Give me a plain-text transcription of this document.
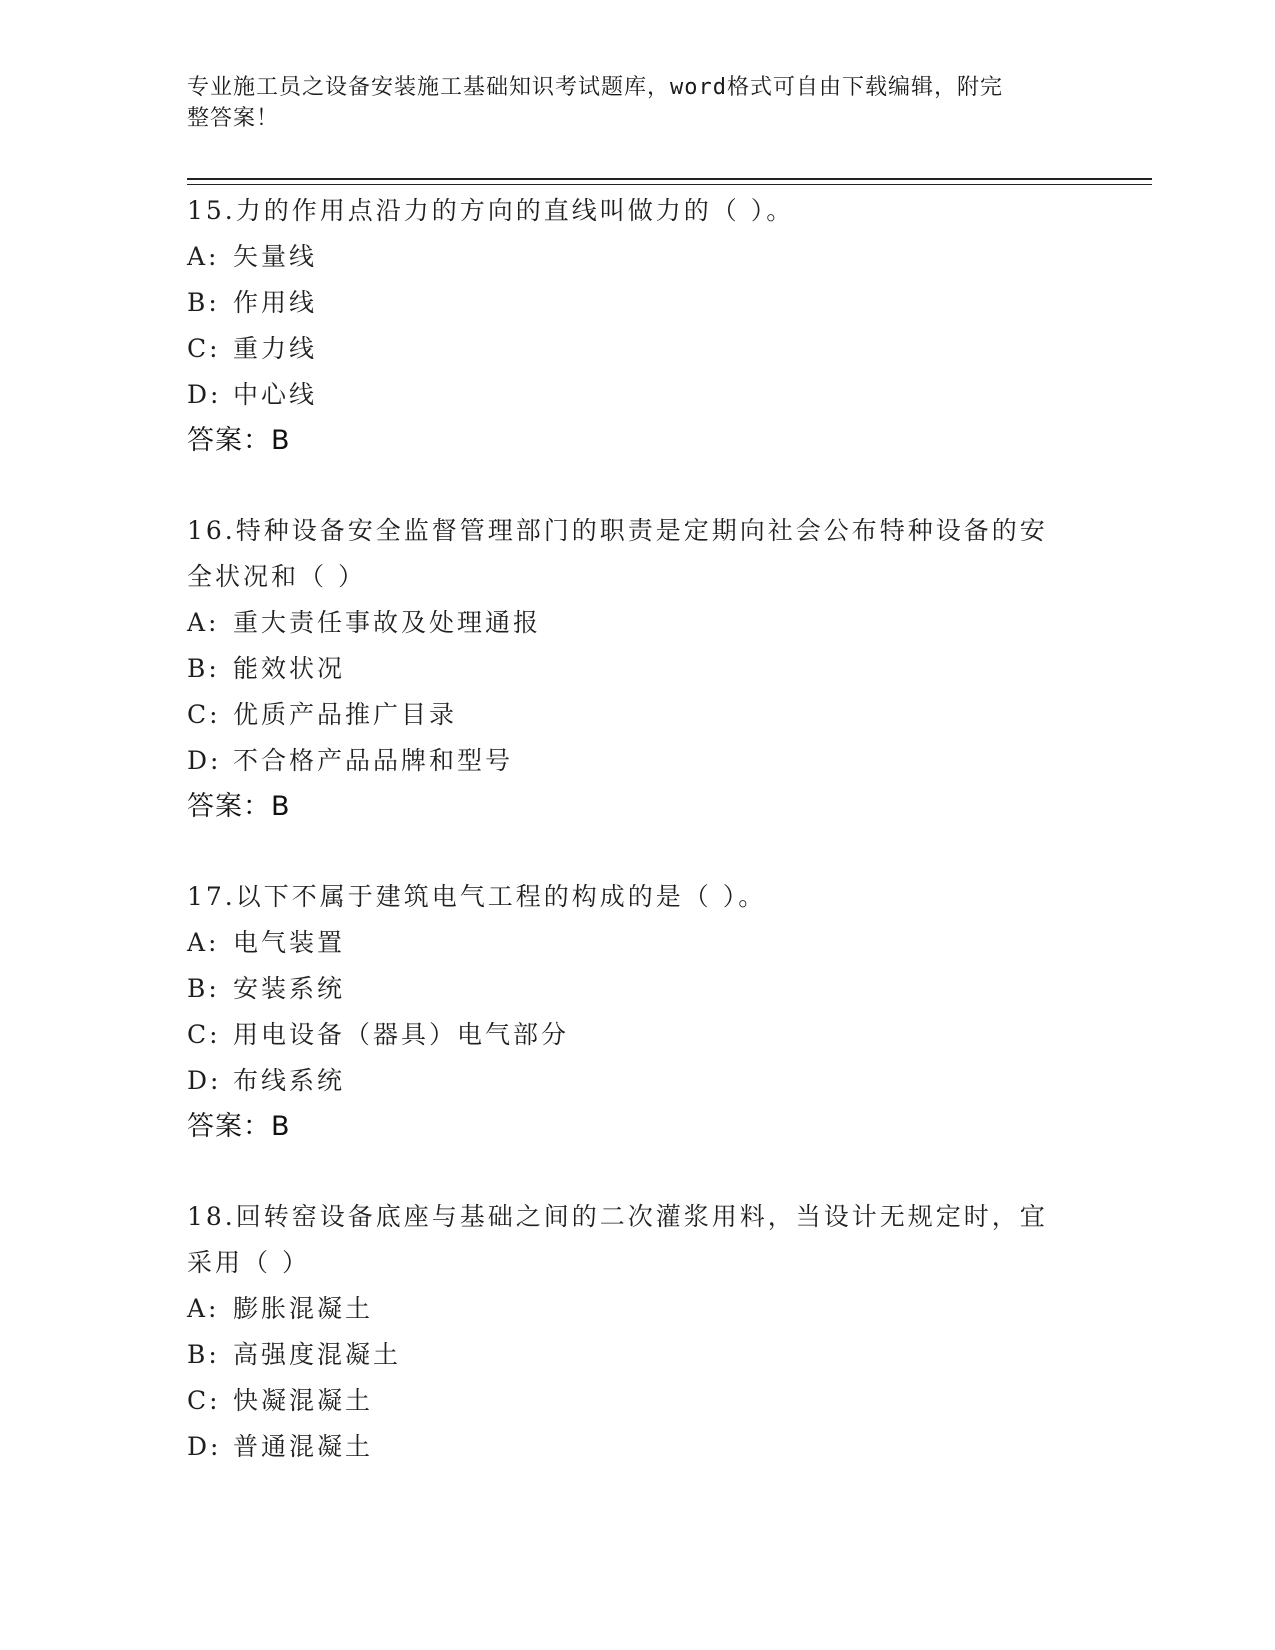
专业施工员之设备安装施工基础知识考试题库，word格式可自由下载编辑，附完
整答案！
15.力的作用点沿力的方向的直线叫做力的（ ）。
A: 矢量线
B: 作用线
C: 重力线
D: 中心线
答案：B
16.特种设备安全监督管理部门的职责是定期向社会公布特种设备的安
全状况和（ ）
A: 重大责任事故及处理通报
B: 能效状况
C: 优质产品推广目录
D: 不合格产品品牌和型号
答案：B
17.以下不属于建筑电气工程的构成的是（ ）。
A: 电气装置
B: 安装系统
C: 用电设备（器具）电气部分
D: 布线系统
答案：B
18.回转窑设备底座与基础之间的二次灌浆用料，当设计无规定时，宜
采用（ ）
A: 膨胀混凝土
B: 高强度混凝土
C: 快凝混凝土
D: 普通混凝土
